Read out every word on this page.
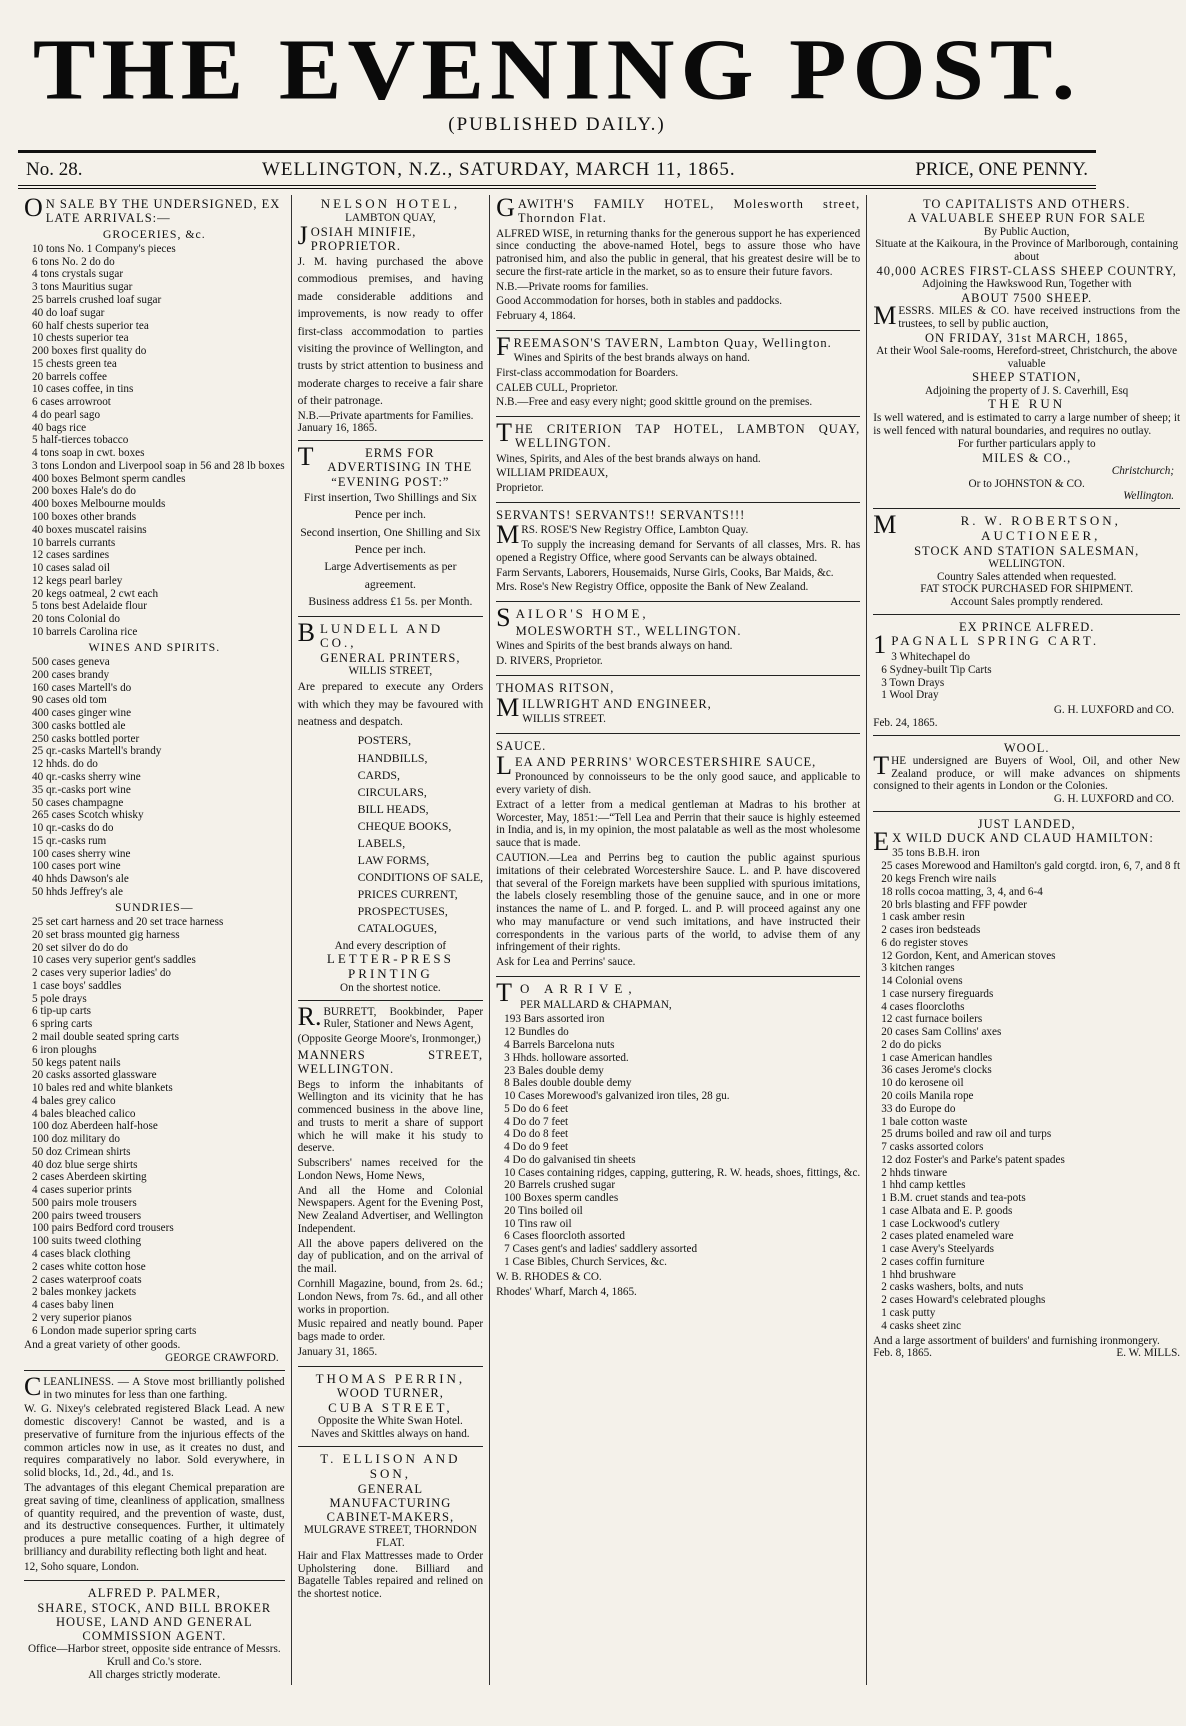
THE EVENING POST.
(PUBLISHED DAILY.)
No. 28.	WELLINGTON, N.Z., SATURDAY, MARCH 11, 1865.	PRICE, ONE PENNY.
ON SALE BY THE UNDERSIGNED, EX LATE ARRIVALS:—
GROCERIES, &c.
10 tons No. 1 Company's pieces
6 tons No. 2 do do
4 tons crystals sugar
3 tons Mauritius sugar
25 barrels crushed loaf sugar
40 do loaf sugar
60 half chests superior tea
10 chests superior tea
200 boxes first quality do
15 chests green tea
20 barrels coffee
10 cases coffee, in tins
6 cases arrowroot
4 do pearl sago
40 bags rice
5 half-tierces tobacco
4 tons soap in cwt. boxes
3 tons London and Liverpool soap in 56 and 28 lb boxes
400 boxes Belmont sperm candles
200 boxes Hale's do do
400 boxes Melbourne moulds
100 boxes other brands
40 boxes muscatel raisins
10 barrels currants
12 cases sardines
10 cases salad oil
12 kegs pearl barley
20 kegs oatmeal, 2 cwt each
5 tons best Adelaide flour
20 tons Colonial do
10 barrels Carolina rice
WINES AND SPIRITS.
500 cases geneva
200 cases brandy
160 cases Martell's do
90 cases old tom
400 cases ginger wine
300 casks bottled ale
250 casks bottled porter
25 qr.-casks Martell's brandy
12 hhds. do do
40 qr.-casks sherry wine
35 qr.-casks port wine
50 cases champagne
265 cases Scotch whisky
10 qr.-casks do do
15 qr.-casks rum
100 cases sherry wine
100 cases port wine
40 hhds Dawson's ale
50 hhds Jeffrey's ale
SUNDRIES—
25 set cart harness and 20 set trace harness
20 set brass mounted gig harness
20 set silver do do do
10 cases very superior gent's saddles
2 cases very superior ladies' do
1 case boys' saddles
5 pole drays
6 tip-up carts
6 spring carts
2 mail double seated spring carts
6 iron ploughs
50 kegs patent nails
20 casks assorted glassware
10 bales red and white blankets
4 bales grey calico
4 bales bleached calico
100 doz Aberdeen half-hose
100 doz military do
50 doz Crimean shirts
40 doz blue serge shirts
2 cases Aberdeen skirting
4 cases superior prints
500 pairs mole trousers
200 pairs tweed trousers
100 pairs Bedford cord trousers
100 suits tweed clothing
4 cases black clothing
2 cases white cotton hose
2 cases waterproof coats
2 bales monkey jackets
4 cases baby linen
2 very superior pianos
6 London made superior spring carts
And a great variety of other goods.
GEORGE CRAWFORD.

CLEANLINESS. — A Stove most brilliantly polished in two minutes for less than one farthing.

W. G. Nixey's celebrated registered Black Lead. A new domestic discovery! Cannot be wasted, and is a preservative of furniture from the injurious effects of the common articles now in use, as it creates no dust, and requires comparatively no labor. Sold everywhere, in solid blocks, 1d., 2d., 4d., and 1s.

The advantages of this elegant Chemical preparation are great saving of time, cleanliness of application, smallness of quantity required, and the prevention of waste, dust, and its destructive consequences. Further, it ultimately produces a pure metallic coating of a high degree of brilliancy and durability reflecting both light and heat.

12, Soho square, London.

ALFRED P. PALMER,
SHARE, STOCK, AND BILL BROKER HOUSE, LAND AND GENERAL COMMISSION AGENT.
Office—Harbor street, opposite side entrance of Messrs. Krull and Co.'s store.
All charges strictly moderate.
NELSON HOTEL,
LAMBTON QUAY,
JOSIAH MINIFIE, PROPRIETOR.
J. M. having purchased the above commodious premises, and having made considerable additions and improvements, is now ready to offer first-class accommodation to parties visiting the province of Wellington, and trusts by strict attention to business and moderate charges to receive a fair share of their patronage.
N.B.—Private apartments for Families.
January 16, 1865.
TERMS FOR ADVERTISING IN THE “EVENING POST:”
First insertion, Two Shillings and Six Pence per inch.
Second insertion, One Shilling and Six Pence per inch.
Large Advertisements as per agreement.
Business address £1 5s. per Month.
BLUNDELL AND CO.,
GENERAL PRINTERS,
WILLIS STREET,
Are prepared to execute any Orders with which they may be favoured with neatness and despatch.
POSTERS,
HANDBILLS,
CARDS,
CIRCULARS,
BILL HEADS,
CHEQUE BOOKS,
LABELS,
LAW FORMS,
CONDITIONS OF SALE,
PRICES CURRENT,
PROSPECTUSES,
CATALOGUES,
And every description of
LETTER-PRESS PRINTING
On the shortest notice.

R.BURRETT, Bookbinder, Paper Ruler, Stationer and News Agent,

(Opposite George Moore's, Ironmonger,)

MANNERS STREET, WELLINGTON.

Begs to inform the inhabitants of Wellington and its vicinity that he has commenced business in the above line, and trusts to merit a share of support which he will make it his study to deserve.

Subscribers' names received for the London News, Home News,

And all the Home and Colonial Newspapers. Agent for the Evening Post, New Zealand Advertiser, and Wellington Independent.

All the above papers delivered on the day of publication, and on the arrival of the mail.

Cornhill Magazine, bound, from 2s. 6d.; London News, from 7s. 6d., and all other works in proportion.

Music repaired and neatly bound. Paper bags made to order.

January 31, 1865.

THOMAS PERRIN,
WOOD TURNER,
CUBA STREET,
Opposite the White Swan Hotel.
Naves and Skittles always on hand.
T. ELLISON AND SON,
GENERAL MANUFACTURING CABINET-MAKERS,
MULGRAVE STREET, THORNDON FLAT.
Hair and Flax Mattresses made to Order Upholstering done. Billiard and Bagatelle Tables repaired and relined on the shortest notice.

GAWITH'S FAMILY HOTEL, Molesworth street, Thorndon Flat.

ALFRED WISE, in returning thanks for the generous support he has experienced since conducting the above-named Hotel, begs to assure those who have patronised him, and also the public in general, that his greatest desire will be to secure the first-rate article in the market, so as to ensure their future favors.

N.B.—Private rooms for families.

Good Accommodation for horses, both in stables and paddocks.

February 4, 1864.

FREEMASON'S TAVERN, Lambton Quay, Wellington.

Wines and Spirits of the best brands always on hand.

First-class accommodation for Boarders.

CALEB CULL, Proprietor.

N.B.—Free and easy every night; good skittle ground on the premises.

THE CRITERION TAP HOTEL, LAMBTON QUAY, WELLINGTON.

Wines, Spirits, and Ales of the best brands always on hand.

WILLIAM PRIDEAUX,

Proprietor.

SERVANTS! SERVANTS!! SERVANTS!!!

MRS. ROSE'S New Registry Office, Lambton Quay.

To supply the increasing demand for Servants of all classes, Mrs. R. has opened a Registry Office, where good Servants can be always obtained.

Farm Servants, Laborers, Housemaids, Nurse Girls, Cooks, Bar Maids, &c.

Mrs. Rose's New Registry Office, opposite the Bank of New Zealand.

SAILOR'S HOME,

MOLESWORTH ST., WELLINGTON.

Wines and Spirits of the best brands always on hand.

D. RIVERS, Proprietor.

THOMAS RITSON,

MILLWRIGHT AND ENGINEER,

WILLIS STREET.

SAUCE.

LEA AND PERRINS' WORCESTERSHIRE SAUCE,

Pronounced by connoisseurs to be the only good sauce, and applicable to every variety of dish.

Extract of a letter from a medical gentleman at Madras to his brother at Worcester, May, 1851:—“Tell Lea and Perrin that their sauce is highly esteemed in India, and is, in my opinion, the most palatable as well as the most wholesome sauce that is made.

CAUTION.—Lea and Perrins beg to caution the public against spurious imitations of their celebrated Worcestershire Sauce. L. and P. have discovered that several of the Foreign markets have been supplied with spurious imitations, the labels closely resembling those of the genuine sauce, and in one or more instances the name of L. and P. forged. L. and P. will proceed against any one who may manufacture or vend such imitations, and have instructed their correspondents in the various parts of the world, to advise them of any infringement of their rights.

Ask for Lea and Perrins' sauce.

TO ARRIVE,

PER MALLARD & CHAPMAN,

193 Bars assorted iron
12 Bundles do
4 Barrels Barcelona nuts
3 Hhds. holloware assorted.
23 Bales double demy
8 Bales double double demy
10 Cases Morewood's galvanized iron tiles, 28 gu.
5 Do do 6 feet
4 Do do 7 feet
4 Do do 8 feet
4 Do do 9 feet
4 Do do galvanised tin sheets
10 Cases containing ridges, capping, guttering, R. W. heads, shoes, fittings, &c.
20 Barrels crushed sugar
100 Boxes sperm candles
20 Tins boiled oil
10 Tins raw oil
6 Cases floorcloth assorted
7 Cases gent's and ladies' saddlery assorted
1 Case Bibles, Church Services, &c.

W. B. RHODES & CO.

Rhodes' Wharf, March 4, 1865.

TO CAPITALISTS AND OTHERS.
A VALUABLE SHEEP RUN FOR SALE
By Public Auction,
Situate at the Kaikoura, in the Province of Marlborough, containing about
40,000 ACRES FIRST-CLASS SHEEP COUNTRY,
Adjoining the Hawkswood Run, Together with
ABOUT 7500 SHEEP.
MESSRS. MILES & CO. have received instructions from the trustees, to sell by public auction,
ON FRIDAY, 31st MARCH, 1865,
At their Wool Sale-rooms, Hereford-street, Christchurch, the above valuable
SHEEP STATION,
Adjoining the property of J. S. Caverhill, Esq
THE RUN
Is well watered, and is estimated to carry a large number of sheep; it is well fenced with natural boundaries, and requires no outlay.
For further particulars apply to
MILES & CO.,
Christchurch;
Or to JOHNSTON & CO.
Wellington.
MR. W. ROBERTSON, AUCTIONEER,
STOCK AND STATION SALESMAN,
WELLINGTON.
Country Sales attended when requested.
FAT STOCK PURCHASED FOR SHIPMENT.
Account Sales promptly rendered.
EX PRINCE ALFRED.
1PAGNALL SPRING CART.
3 Whitechapel do
6 Sydney-built Tip Carts
3 Town Drays
1 Wool Dray
G. H. LUXFORD and CO.
Feb. 24, 1865.
WOOL.
THE undersigned are Buyers of Wool, Oil, and other New Zealand produce, or will make advances on shipments consigned to their agents in London or the Colonies.
G. H. LUXFORD and CO.
JUST LANDED,
EX WILD DUCK AND CLAUD HAMILTON:
35 tons B.B.H. iron
25 cases Morewood and Hamilton's gald corgtd. iron, 6, 7, and 8 ft
20 kegs French wire nails
18 rolls cocoa matting, 3, 4, and 6-4
20 brls blasting and FFF powder
1 cask amber resin
2 cases iron bedsteads
6 do register stoves
12 Gordon, Kent, and American stoves
3 kitchen ranges
14 Colonial ovens
1 case nursery fireguards
4 cases floorcloths
12 cast furnace boilers
20 cases Sam Collins' axes
2 do do picks
1 case American handles
36 cases Jerome's clocks
10 do kerosene oil
20 coils Manila rope
33 do Europe do
1 bale cotton waste
25 drums boiled and raw oil and turps
7 casks assorted colors
12 doz Foster's and Parke's patent spades
2 hhds tinware
1 hhd camp kettles
1 B.M. cruet stands and tea-pots
1 case Albata and E. P. goods
1 case Lockwood's cutlery
2 cases plated enameled ware
1 case Avery's Steelyards
2 cases coffin furniture
1 hhd brushware
2 casks washers, bolts, and nuts
2 cases Howard's celebrated ploughs
1 cask putty
4 casks sheet zinc
And a large assortment of builders' and furnishing ironmongery.
Feb. 8, 1865.	E. W. MILLS.
